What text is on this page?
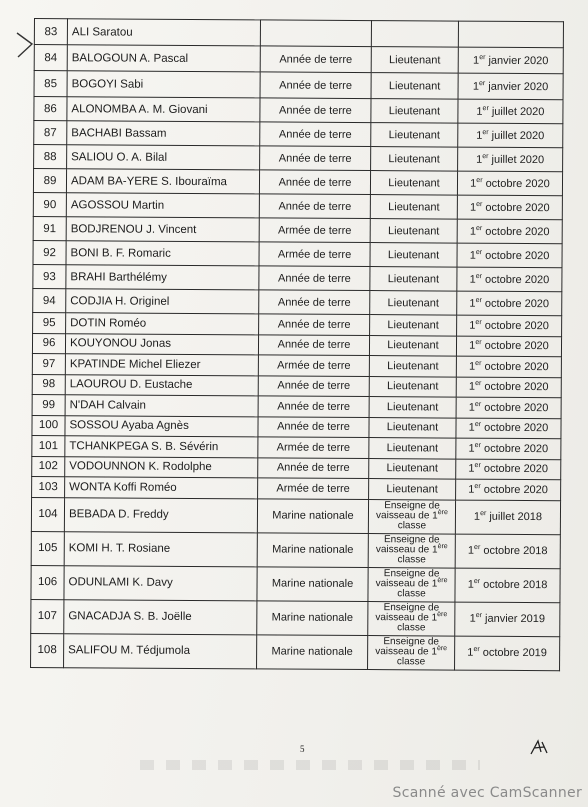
83	ALI Saratou			
84	BALOGOUN A. Pascal	Année de terre	Lieutenant	1er janvier 2020
85	BOGOYI Sabi	Année de terre	Lieutenant	1er janvier 2020
86	ALONOMBA A. M. Giovani	Année de terre	Lieutenant	1er juillet 2020
87	BACHABI Bassam	Année de terre	Lieutenant	1er juillet 2020
88	SALIOU O. A. Bilal	Année de terre	Lieutenant	1er juillet 2020
89	ADAM BA-YERE S. Ibouraïma	Année de terre	Lieutenant	1er octobre 2020
90	AGOSSOU Martin	Année de terre	Lieutenant	1er octobre 2020
91	BODJRENOU J. Vincent	Armée de terre	Lieutenant	1er octobre 2020
92	BONI B. F. Romaric	Armée de terre	Lieutenant	1er octobre 2020
93	BRAHI Barthélémy	Année de terre	Lieutenant	1er octobre 2020
94	CODJIA H. Originel	Année de terre	Lieutenant	1er octobre 2020
95	DOTIN Roméo	Année de terre	Lieutenant	1er octobre 2020
96	KOUYONOU Jonas	Année de terre	Lieutenant	1er octobre 2020
97	KPATINDE Michel Eliezer	Armée de terre	Lieutenant	1er octobre 2020
98	LAOUROU D. Eustache	Année de terre	Lieutenant	1er octobre 2020
99	N'DAH Calvain	Année de terre	Lieutenant	1er octobre 2020
100	SOSSOU Ayaba Agnès	Année de terre	Lieutenant	1er octobre 2020
101	TCHANKPEGA S. B. Sévérin	Armée de terre	Lieutenant	1er octobre 2020
102	VODOUNNON K. Rodolphe	Année de terre	Lieutenant	1er octobre 2020
103	WONTA Koffi Roméo	Armée de terre	Lieutenant	1er octobre 2020
104	BEBADA D. Freddy	Marine nationale	Enseigne de vaisseau de 1ère classe	1er juillet 2018
105	KOMI H. T. Rosiane	Marine nationale	Enseigne de vaisseau de 1ère classe	1er octobre 2018
106	ODUNLAMI K. Davy	Marine nationale	Enseigne de vaisseau de 1ère classe	1er octobre 2018
107	GNACADJA S. B. Joëlle	Marine nationale	Enseigne de vaisseau de 1ère classe	1er janvier 2019
108	SALIFOU M. Tédjumola	Marine nationale	Enseigne de vaisseau de 1ère classe	1er octobre 2019
5
Scanné avec CamScanner
